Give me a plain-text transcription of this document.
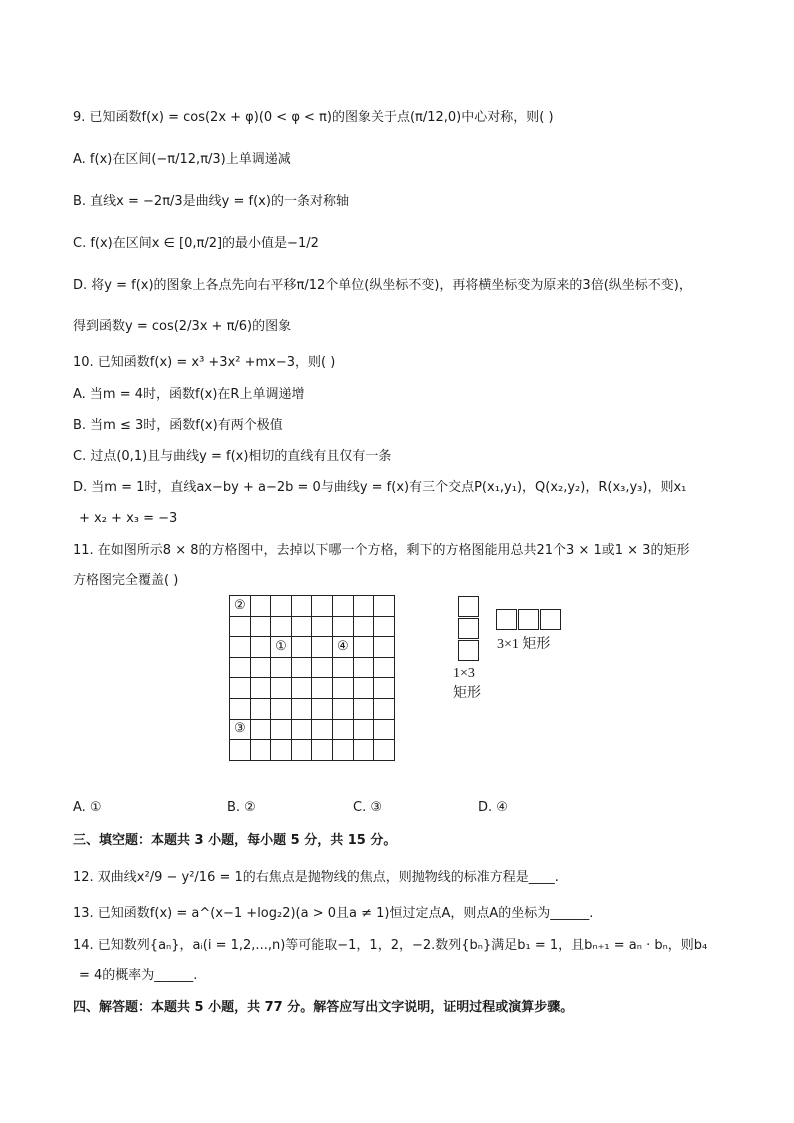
9. 已知函数f(x) = cos(2x + φ)(0 < φ < π)的图象关于点(π/12,0)中心对称，则( )
A. f(x)在区间(−π/12,π/3)上单调递减
B. 直线x = −2π/3是曲线y = f(x)的一条对称轴
C. f(x)在区间x ∈ [0,π/2]的最小值是−1/2
D. 将y = f(x)的图象上各点先向右平移π/12个单位(纵坐标不变)，再将横坐标变为原来的3倍(纵坐标不变)，
得到函数y = cos(2/3x + π/6)的图象
10. 已知函数f(x) = x³ +3x² +mx−3，则( )
A. 当m = 4时，函数f(x)在R上单调递增
B. 当m ≤ 3时，函数f(x)有两个极值
C. 过点(0,1)且与曲线y = f(x)相切的直线有且仅有一条
D. 当m = 1时，直线ax−by + a−2b = 0与曲线y = f(x)有三个交点P(x₁,y₁)，Q(x₂,y₂)，R(x₃,y₃)，则x₁
+ x₂ + x₃ = −3
11. 在如图所示8 × 8的方格图中，去掉以下哪一个方格，剩下的方格图能用总共21个3 × 1或1 × 3的矩形
方格图完全覆盖( )
②							

		①			④		

③							

1×3
矩形
3×1 矩形
A. ①	B. ②	C. ③	D. ④
三、填空题：本题共 3 小题，每小题 5 分，共 15 分。
12. 双曲线x²/9 − y²/16 = 1的右焦点是抛物线的焦点，则抛物线的标准方程是____.
13. 已知函数f(x) = a^(x−1 +log₂2)(a > 0且a ≠ 1)恒过定点A，则点A的坐标为______.
14. 已知数列{aₙ}，aᵢ(i = 1,2,...,n)等可能取−1，1，2，−2.数列{bₙ}满足b₁ = 1，且bₙ₊₁ = aₙ · bₙ，则b₄
= 4的概率为______.
四、解答题：本题共 5 小题，共 77 分。解答应写出文字说明，证明过程或演算步骤。
